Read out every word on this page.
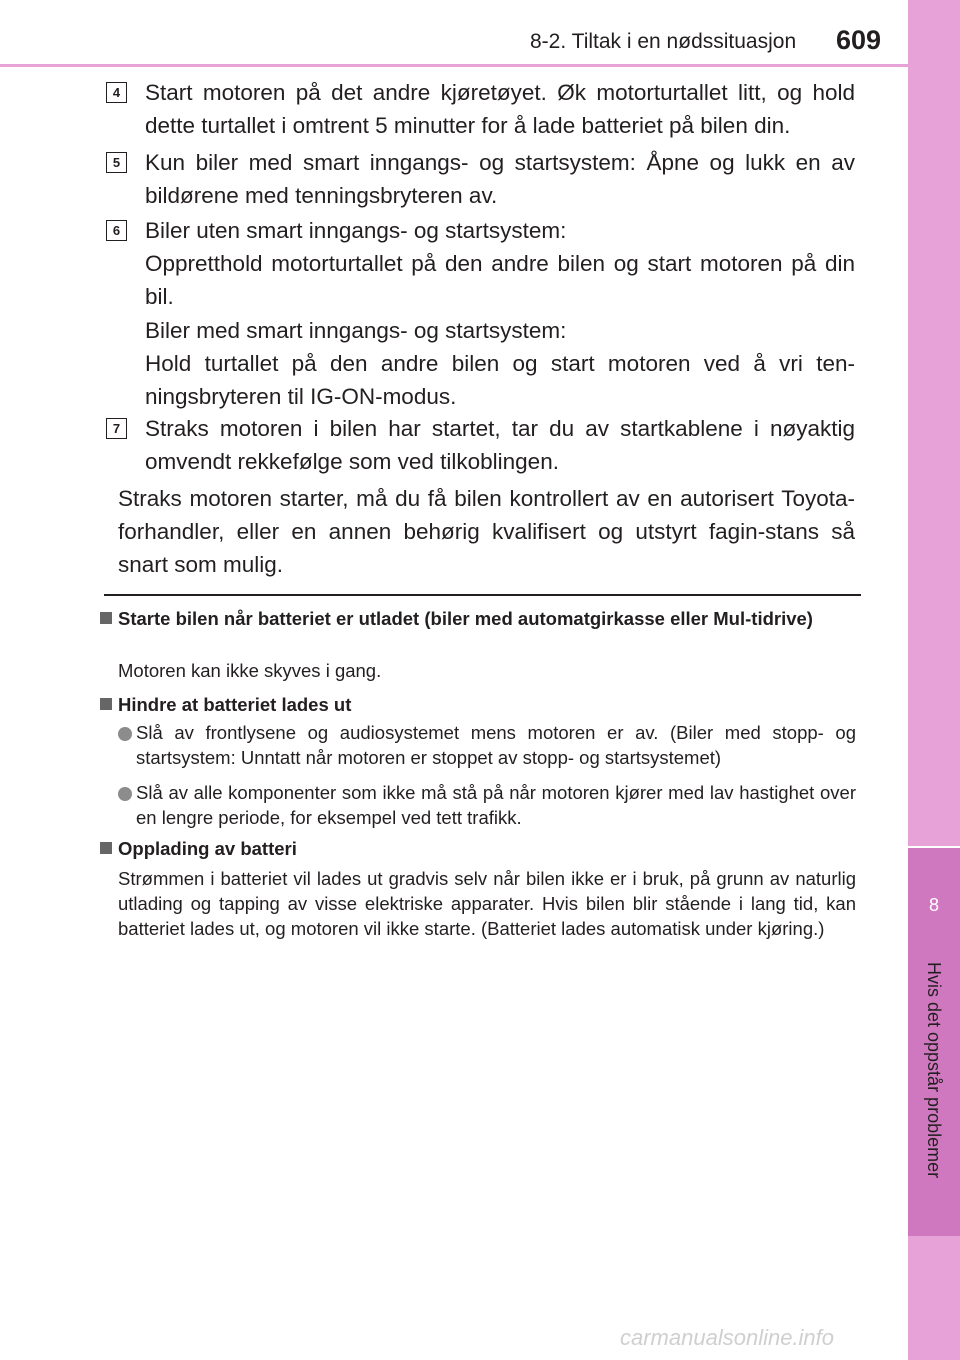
8
Hvis det oppstår problemer
8-2. Tiltak i en nødssituasjon 609
4	Start motoren på det andre kjøretøyet. Øk motorturtallet litt, og hold dette turtallet i omtrent 5 minutter for å lade batteriet på bilen din.

5	Kun biler med smart inngangs- og startsystem: Åpne og lukk en av bildørene med tenningsbryteren av.

6	Biler uten smart inngangs- og startsystem:
Oppretthold motorturtallet på den andre bilen og start motoren på din bil.

Biler med smart inngangs- og startsystem:
Hold turtallet på den andre bilen og start motoren ved å vri ten-ningsbryteren til IG-ON-modus.

7	Straks motoren i bilen har startet, tar du av startkablene i nøyaktig omvendt rekkefølge som ved tilkoblingen.

Straks motoren starter, må du få bilen kontrollert av en autorisert Toyota-forhandler, eller en annen behørig kvalifisert og utstyrt fagin-stans så snart som mulig.

Starte bilen når batteriet er utladet (biler med automatgirkasse eller Mul-tidrive)

Motoren kan ikke skyves i gang.

Hindre at batteriet lades ut

Slå av frontlysene og audiosystemet mens motoren er av. (Biler med stopp- og startsystem: Unntatt når motoren er stoppet av stopp- og startsystemet)

Slå av alle komponenter som ikke må stå på når motoren kjører med lav hastighet over en lengre periode, for eksempel ved tett trafikk.

Opplading av batteri

Strømmen i batteriet vil lades ut gradvis selv når bilen ikke er i bruk, på grunn av naturlig utlading og tapping av visse elektriske apparater. Hvis bilen blir stående i lang tid, kan batteriet lades ut, og motoren vil ikke starte. (Batteriet lades automatisk under kjøring.)

carmanualsonline.info
